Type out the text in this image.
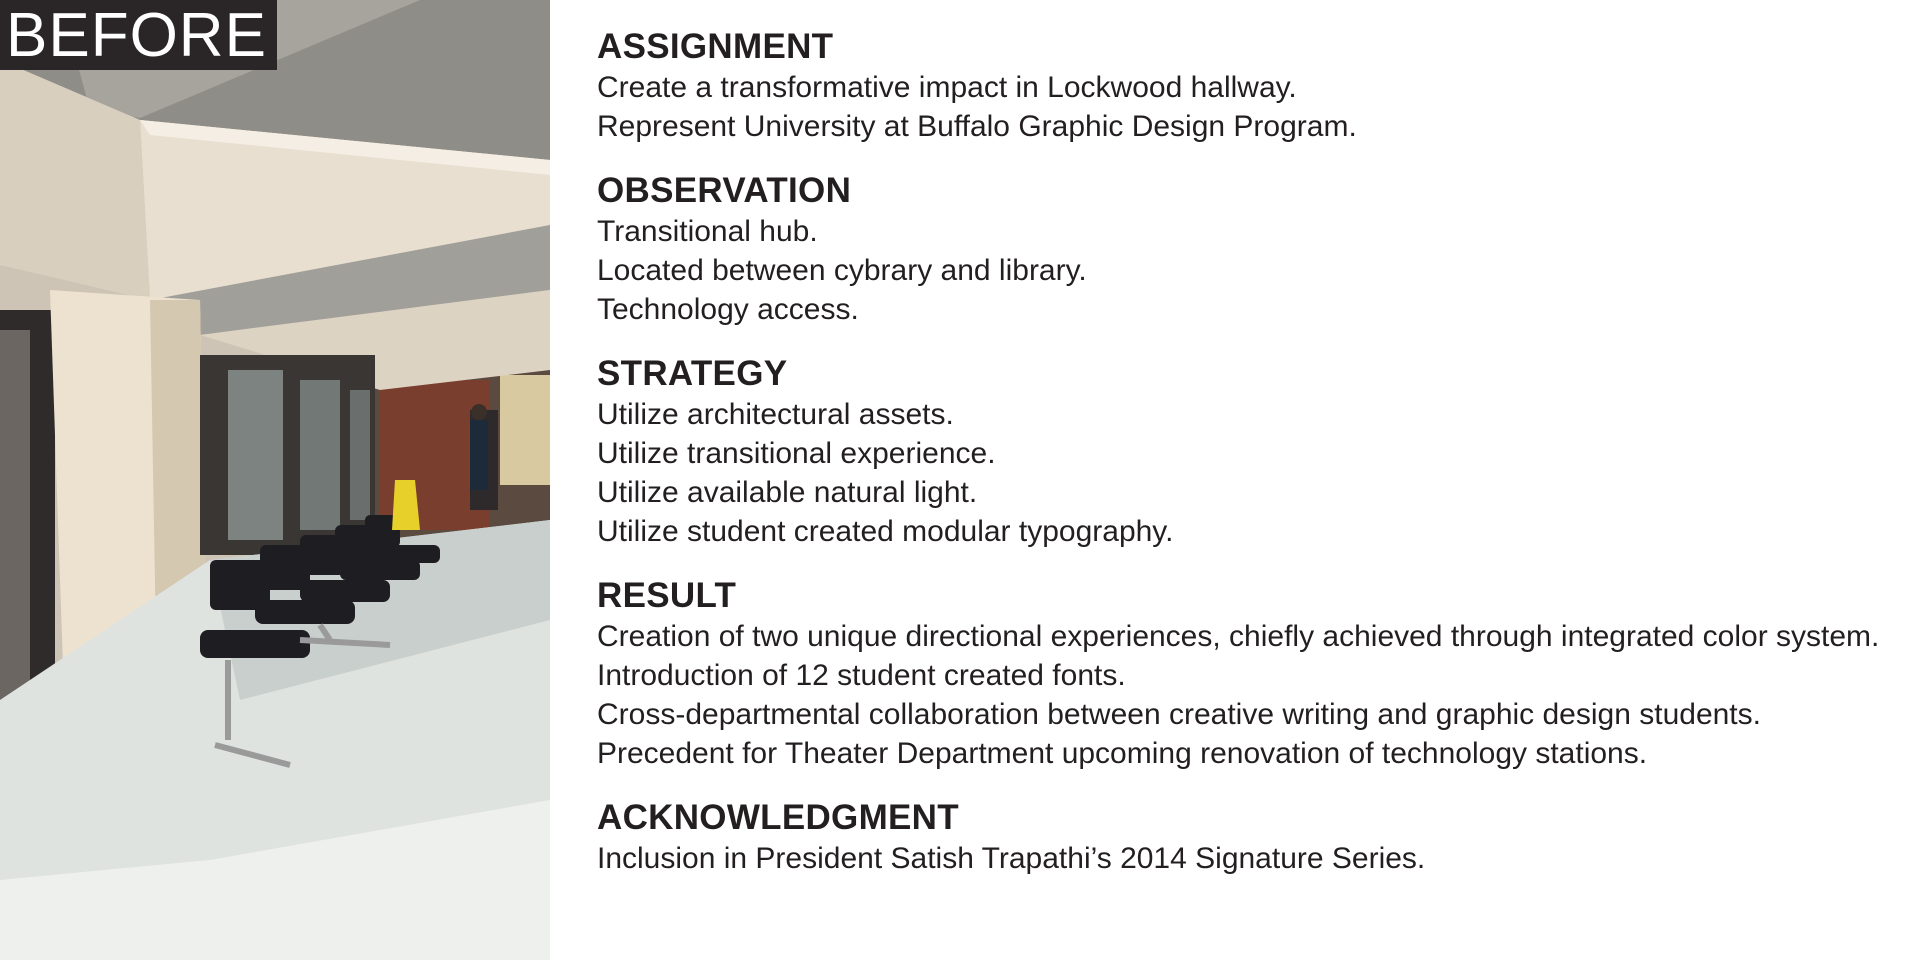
BEFORE	ASSIGNMENT

Create a transformative impact in Lockwood hallway.

Represent University at Buffalo Graphic Design Program.

OBSERVATION

Transitional hub.

Located between cybrary and library.

Technology access.

STRATEGY

Utilize architectural assets.

Utilize transitional experience.

Utilize available natural light.

Utilize student created modular typography.

RESULT

Creation of two unique directional experiences, chiefly achieved through integrated color system.

Introduction of 12 student created fonts.

Cross-departmental collaboration between creative writing and graphic design students.

Precedent for Theater Department upcoming renovation of technology stations.

ACKNOWLEDGMENT

Inclusion in President Satish Trapathi’s 2014 Signature Series.
